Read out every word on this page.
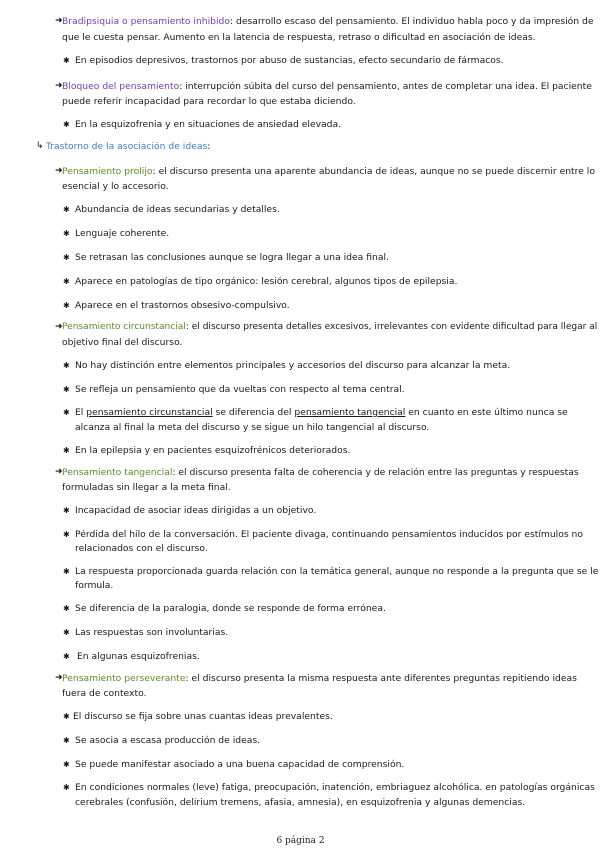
➜ Bradipsiquia o pensamiento inhibido: desarrollo escaso del pensamiento. El individuo habla poco y da impresión de
que le cuesta pensar. Aumento en la latencia de respuesta, retraso o dificultad en asociación de ideas.
✱ En episodios depresivos, trastornos por abuso de sustancias, efecto secundario de fármacos.
➜ Bloqueo del pensamiento: interrupción súbita del curso del pensamiento, antes de completar una idea. El paciente
puede referir incapacidad para recordar lo que estaba diciendo.
✱ En la esquizofrenia y en situaciones de ansiedad elevada.
↳ Trastorno de la asociación de ideas:
➜ Pensamiento prolijo: el discurso presenta una aparente abundancia de ideas, aunque no se puede discernir entre lo
esencial y lo accesorio.
✱ Abundancia de ideas secundarias y detalles.
✱ Lenguaje coherente.
✱ Se retrasan las conclusiones aunque se logra llegar a una idea final.
✱ Aparece en patologías de tipo orgánico: lesión cerebral, algunos tipos de epilepsia.
✱ Aparece en el trastornos obsesivo-compulsivo.
➜ Pensamiento circunstancial: el discurso presenta detalles excesivos, irrelevantes con evidente dificultad para llegar al
objetivo final del discurso.
✱ No hay distinción entre elementos principales y accesorios del discurso para alcanzar la meta.
✱ Se refleja un pensamiento que da vueltas con respecto al tema central.
✱ El pensamiento circunstancial se diferencia del pensamiento tangencial en cuanto en este último nunca se
alcanza al final la meta del discurso y se sigue un hilo tangencial al discurso.
✱ En la epilepsia y en pacientes esquizofrénicos deteriorados.
➜ Pensamiento tangencial: el discurso presenta falta de coherencia y de relación entre las preguntas y respuestas
formuladas sin llegar a la meta final.
✱ Incapacidad de asociar ideas dirigidas a un objetivo.
✱ Pérdida del hilo de la conversación. El paciente divaga, continuando pensamientos inducidos por estímulos no
relacionados con el discurso.
✱ La respuesta proporcionada guarda relación con la temática general, aunque no responde a la pregunta que se le
formula.
✱ Se diferencia de la paralogia, donde se responde de forma errónea.
✱ Las respuestas son involuntarias.
✱ En algunas esquizofrenias.
➜ Pensamiento perseverante: el discurso presenta la misma respuesta ante diferentes preguntas repitiendo ideas
fuera de contexto.
✱ El discurso se fija sobre unas cuantas ideas prevalentes.
✱ Se asocia a escasa producción de ideas.
✱ Se puede manifestar asociado a una buena capacidad de comprensión.
✱ En condiciones normales (leve) fatiga, preocupación, inatención, embriaguez alcohólica. en patologías orgánicas
cerebrales (confusión, delirium tremens, afasia, amnesia), en esquizofrenia y algunas demencias.
6 página 2
